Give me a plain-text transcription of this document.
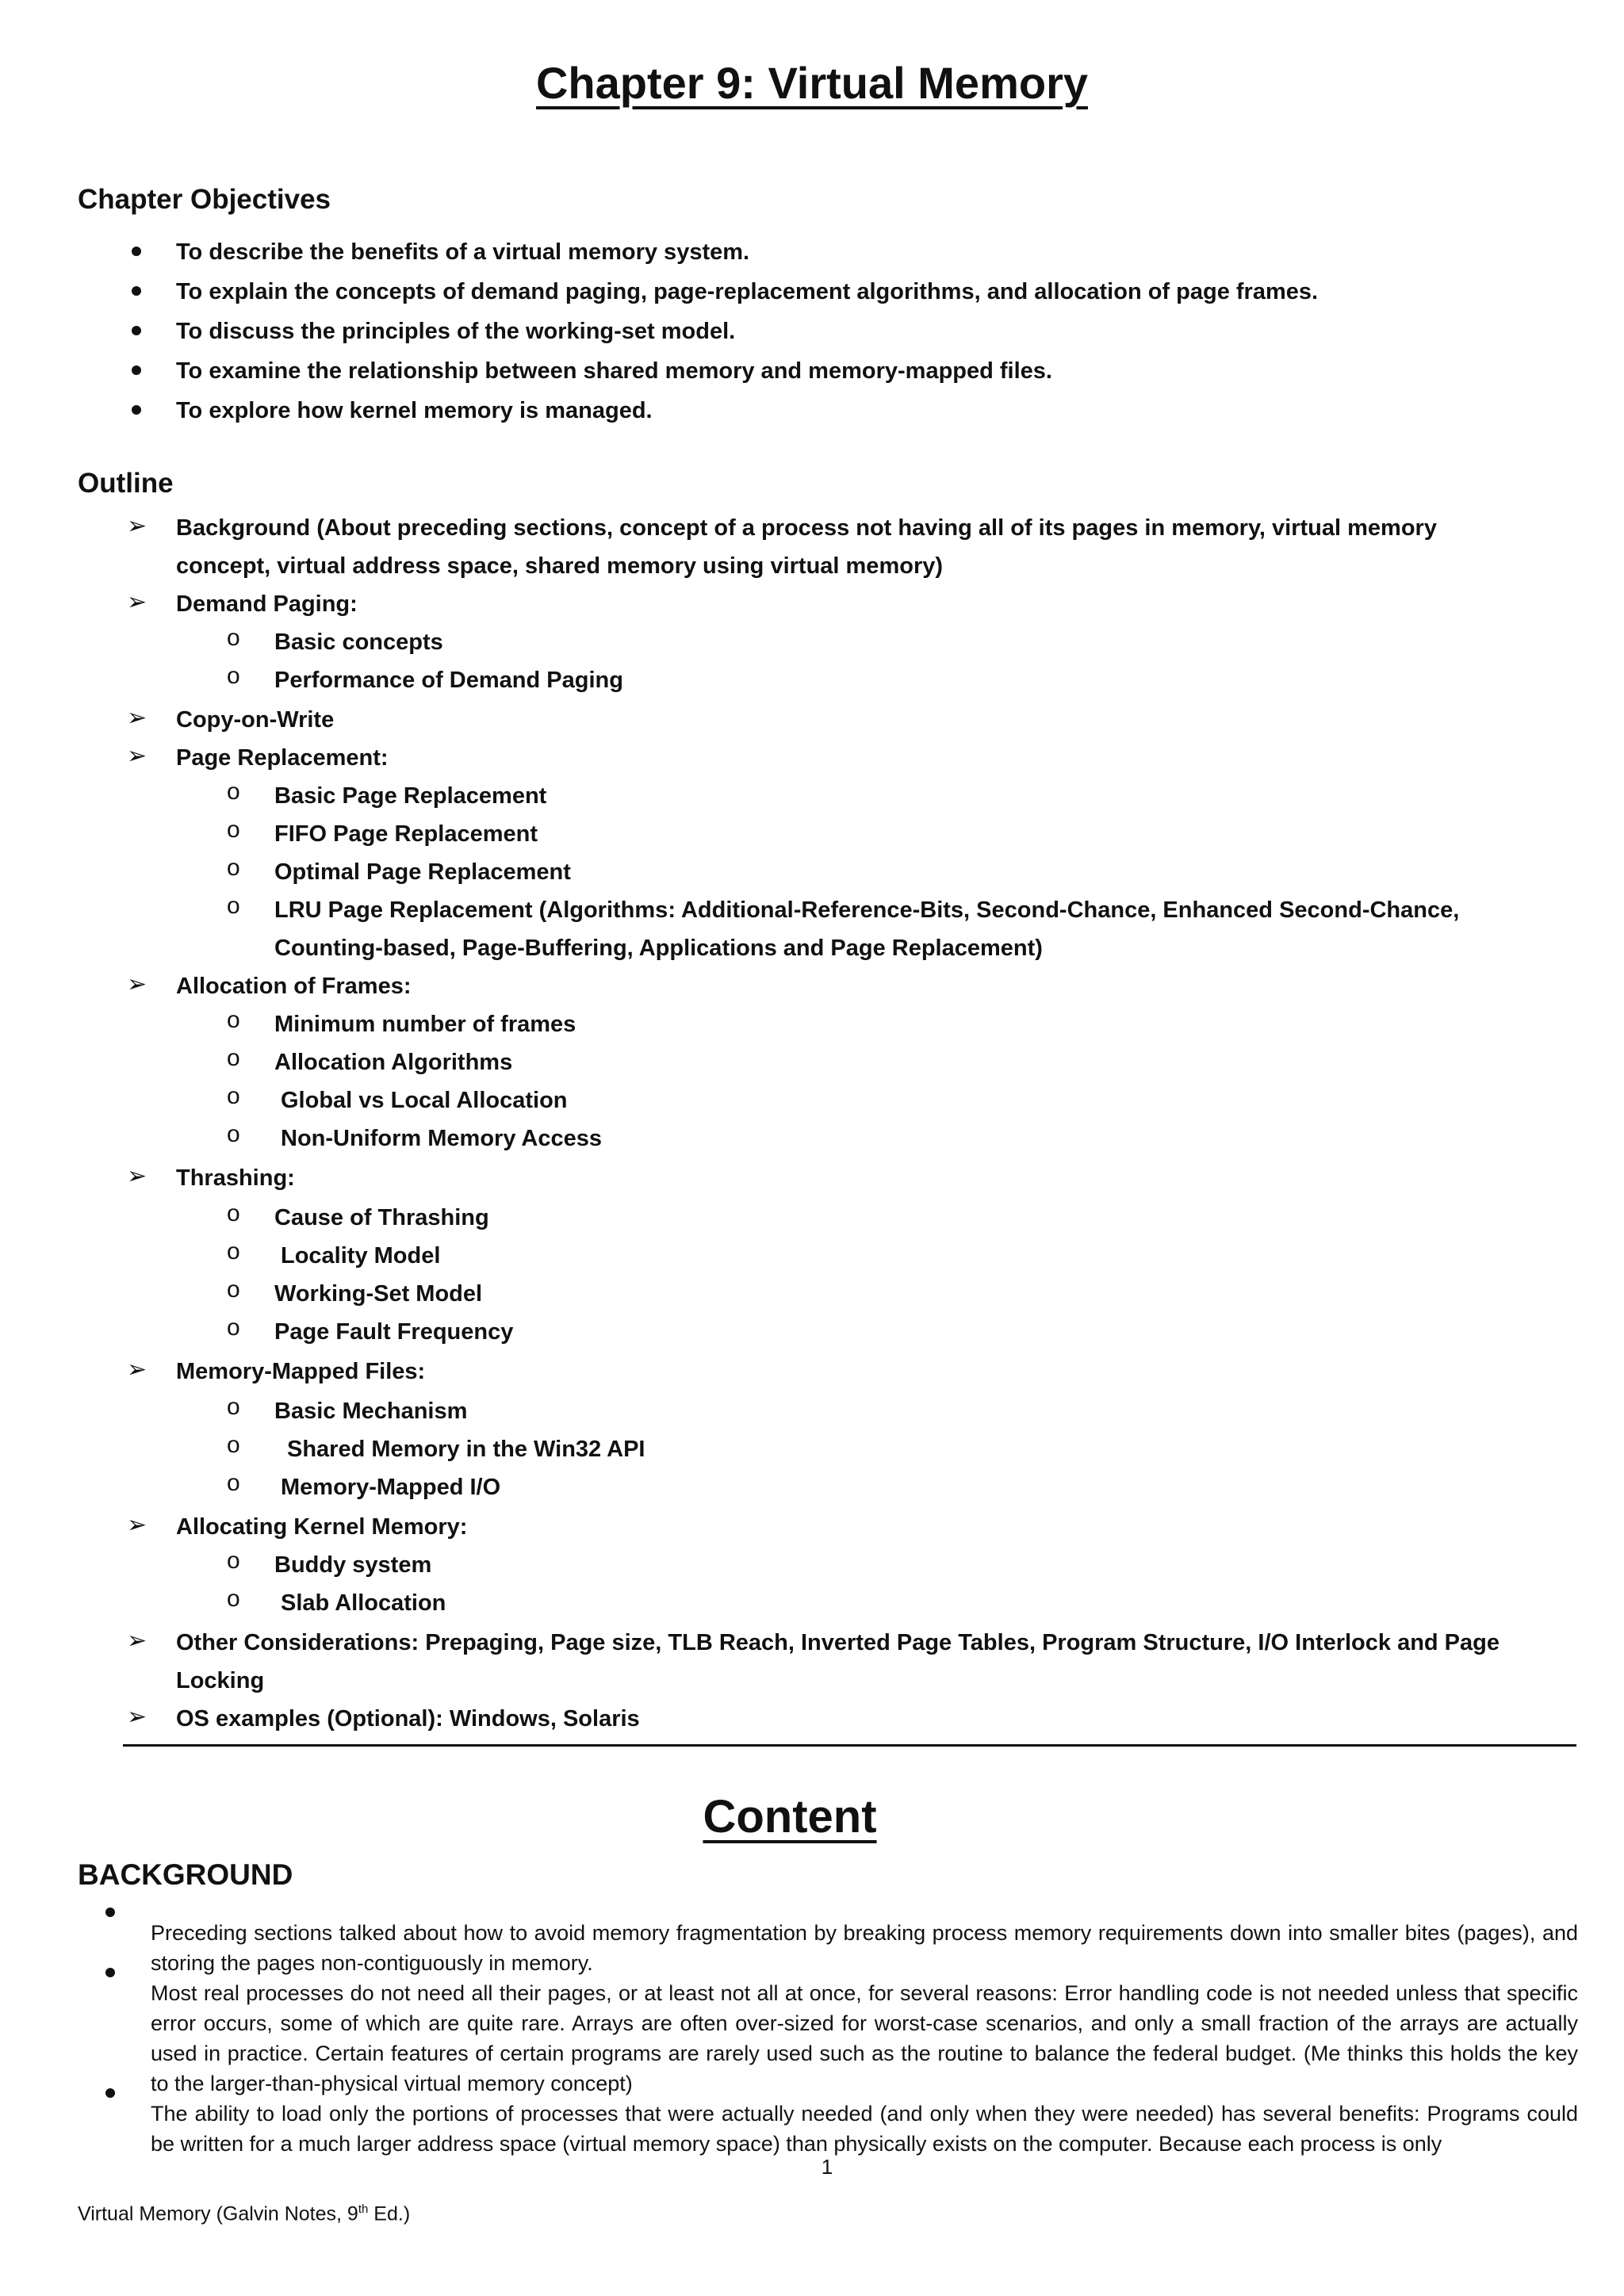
Chapter 9: Virtual Memory
Chapter Objectives
To describe the benefits of a virtual memory system.
To explain the concepts of demand paging, page-replacement algorithms, and allocation of page frames.
To discuss the principles of the working-set model.
To examine the relationship between shared memory and memory-mapped files.
To explore how kernel memory is managed.
Outline
➢ Background (About preceding sections, concept of a process not having all of its pages in memory, virtual memory concept, virtual address space, shared memory using virtual memory)
➢ Demand Paging:
o Basic concepts
o Performance of Demand Paging
➢ Copy-on-Write
➢ Page Replacement:
o Basic Page Replacement
o FIFO Page Replacement
o Optimal Page Replacement
o LRU Page Replacement (Algorithms: Additional-Reference-Bits, Second-Chance, Enhanced Second-Chance, Counting-based, Page-Buffering, Applications and Page Replacement)
➢ Allocation of Frames:
o Minimum number of frames
o Allocation Algorithms
o Global vs Local Allocation
o Non-Uniform Memory Access
➢ Thrashing:
o Cause of Thrashing
o Locality Model
o Working-Set Model
o Page Fault Frequency
➢ Memory-Mapped Files:
o Basic Mechanism
o Shared Memory in the Win32 API
o Memory-Mapped I/O
➢ Allocating Kernel Memory:
o Buddy system
o Slab Allocation
➢ Other Considerations: Prepaging, Page size, TLB Reach, Inverted Page Tables, Program Structure, I/O Interlock and Page Locking
➢ OS examples (Optional): Windows, Solaris
Content
BACKGROUND

Preceding sections talked about how to avoid memory fragmentation by breaking process memory requirements down into smaller bites (pages), and storing the pages non-contiguously in memory.

Most real processes do not need all their pages, or at least not all at once, for several reasons: Error handling code is not needed unless that specific error occurs, some of which are quite rare. Arrays are often over-sized for worst-case scenarios, and only a small fraction of the arrays are actually used in practice. Certain features of certain programs are rarely used such as the routine to balance the federal budget. (Me thinks this holds the key to the larger-than-physical virtual memory concept)

The ability to load only the portions of processes that were actually needed (and only when they were needed) has several benefits: Programs could be written for a much larger address space (virtual memory space) than physically exists on the computer. Because each process is only

1
Virtual Memory (Galvin Notes, 9th Ed.)
